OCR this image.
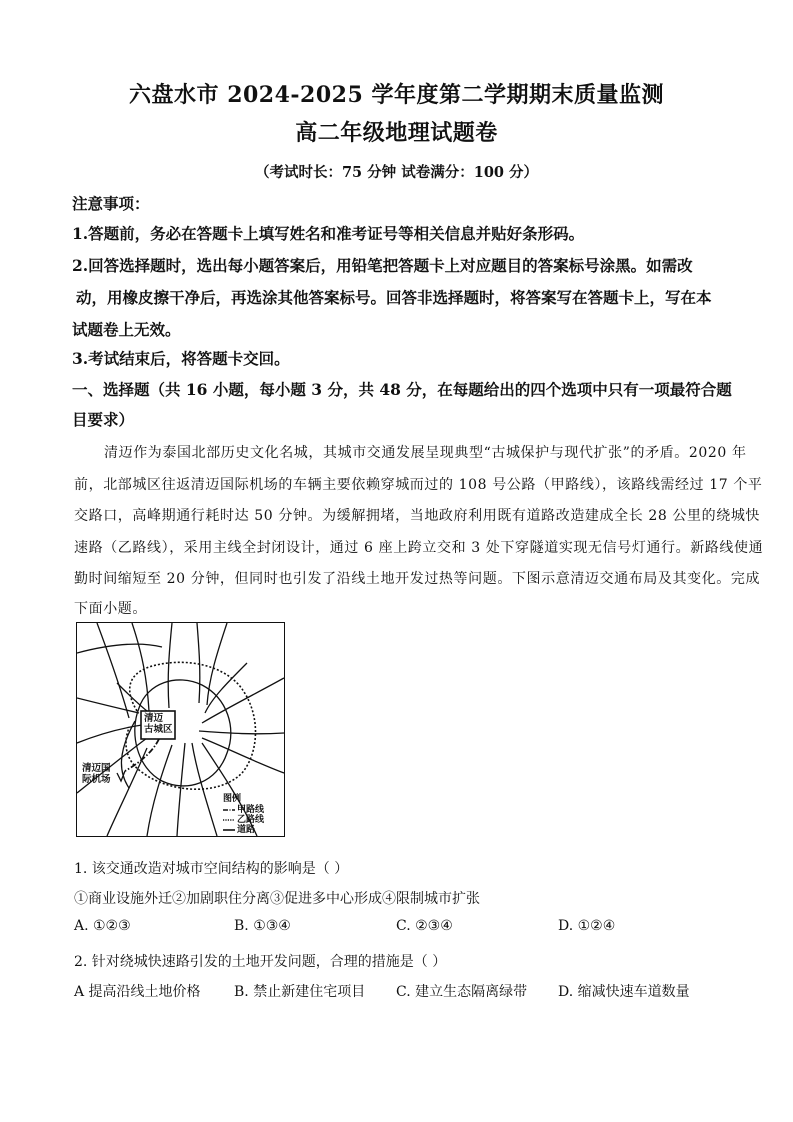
六盘水市 2024-2025 学年度第二学期期末质量监测
高二年级地理试题卷
（考试时长：75 分钟 试卷满分：100 分）
注意事项：
1.答题前，务必在答题卡上填写姓名和准考证号等相关信息并贴好条形码。
2.回答选择题时，选出每小题答案后，用铅笔把答题卡上对应题目的答案标号涂黑。如需改
动，用橡皮擦干净后，再选涂其他答案标号。回答非选择题时，将答案写在答题卡上，写在本
试题卷上无效。
3.考试结束后，将答题卡交回。
一、选择题（共 16 小题，每小题 3 分，共 48 分，在每题给出的四个选项中只有一项最符合题
目要求）
清迈作为泰国北部历史文化名城，其城市交通发展呈现典型“古城保护与现代扩张”的矛盾。2020 年
前，北部城区往返清迈国际机场的车辆主要依赖穿城而过的 108 号公路（甲路线），该路线需经过 17 个平
交路口，高峰期通行耗时达 50 分钟。为缓解拥堵，当地政府利用既有道路改造建成全长 28 公里的绕城快
速路（乙路线），采用主线全封闭设计，通过 6 座上跨立交和 3 处下穿隧道实现无信号灯通行。新路线使通
勤时间缩短至 20 分钟，但同时也引发了沿线土地开发过热等问题。下图示意清迈交通布局及其变化。完成
下面小题。
清迈
古城区
清迈国
际机场
图例
甲路线
乙路线
道路
1. 该交通改造对城市空间结构的影响是（ ）
①商业设施外迁②加剧职住分离③促进多中心形成④限制城市扩张
A. ①②③	B. ①③④	C. ②③④	D. ①②④
2. 针对绕城快速路引发的土地开发问题，合理的措施是（ ）
A 提高沿线土地价格 B. 禁止新建住宅项目 C. 建立生态隔离绿带 D. 缩减快速车道数量
